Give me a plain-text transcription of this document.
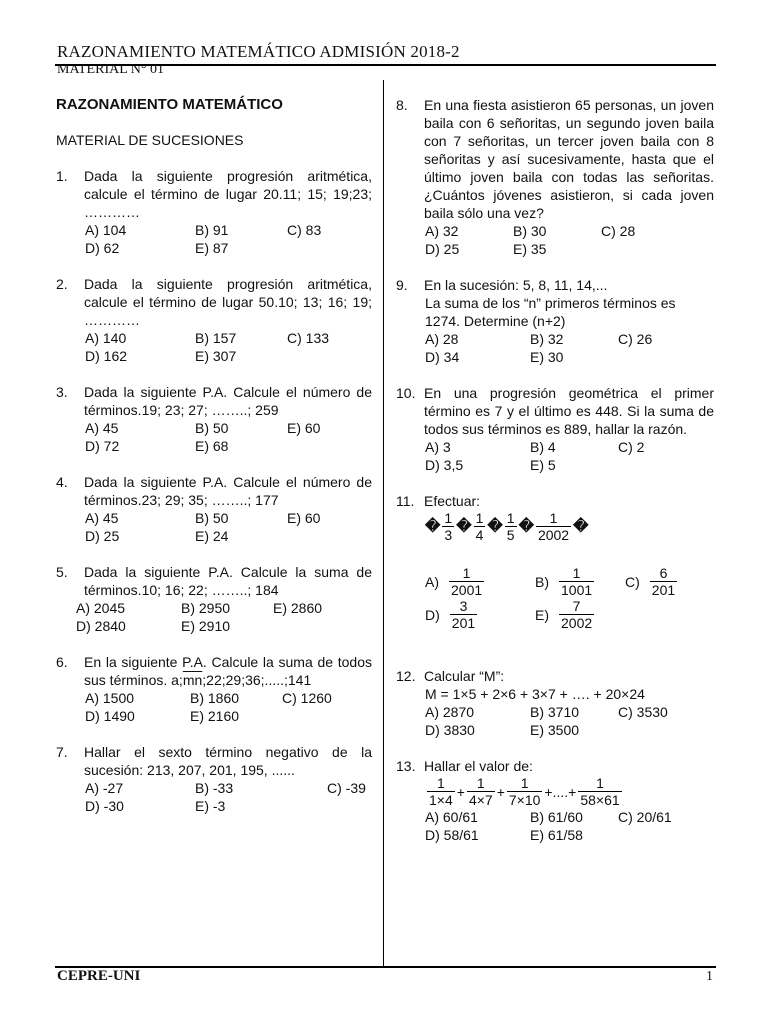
RAZONAMIENTO MATEMÁTICO ADMISIÓN 2018-2
MATERIAL N° 01
RAZONAMIENTO MATEMÁTICO
MATERIAL DE SUCESIONES
1.	Dada la siguiente progresión aritmética, calcule el término de lugar 20.11; 15; 19;23; …………
A) 104	B) 91	C) 83
D) 62	E) 87
2.	Dada la siguiente progresión aritmética, calcule el término de lugar 50.10; 13; 16; 19; …………
A) 140	B) 157	C) 133
D) 162	E) 307
3.	Dada la siguiente P.A. Calcule el número de términos.19; 23; 27; ……..; 259
A) 45	B) 50	E) 60
D) 72	E) 68
4.	Dada la siguiente P.A. Calcule el número de términos.23; 29; 35; ……..; 177
A) 45	B) 50	E) 60
D) 25	E) 24
5.	Dada la siguiente P.A. Calcule la suma de términos.10; 16; 22; ……..; 184
A) 2045	B) 2950	E) 2860
D) 2840	E) 2910
6.	En la siguiente P.A. Calcule la suma de todos sus términos. $a;\overline{mn};22;29;36;.....;141$
A) 1500	B) 1860	C) 1260
D) 1490	E) 2160
7.	Hallar el sexto término negativo de la sucesión: 213, 207, 201, 195, ......
A) -27	B) -33	C) -39
D) -30	E) -3
8.	En una fiesta asistieron 65 personas, un joven baila con 6 señoritas, un segundo joven baila con 7 señoritas, un tercer joven baila con 8 señoritas y así sucesivamente, hasta que el último joven baila con todas las señoritas. ¿Cuántos jóvenes asistieron, si cada joven baila sólo una vez?
A) 32	B) 30	C) 28
D) 25	E) 35
9.	En la sucesión: 5, 8, 11, 14,...
La suma de los “n” primeros términos es 1274. Determine (n+2)
A) 28	B) 32	C) 26
D) 34	E) 30
10. En una progresión geométrica el primer término es 7 y el último es 448. Si la suma de todos sus términos es 889, hallar la razón.
A) 3	B) 4	C) 2
D) 3,5	E) 5
11. Efectuar:
� $\frac{1}{3}$ � $\frac{1}{4}$ � $\frac{1}{5}$ � $\frac{1}{2002}$ �
$A) \frac{1}{2001}$	$B) \frac{1}{1001} C) \frac{6}{201}$
$D) \frac{3}{201}$	$E) \frac{7}{2002}$
12. Calcular “M”:
M = 1×5 + 2×6 + 3×7 + …. + 20×24
A) 2870	B) 3710	C) 3530
D) 3830	E) 3500
13. Hallar el valor de:
$\frac{1}{1\times 4} + \frac{1}{4\times 7} + \frac{1}{7\times 10}$ + .... + $\frac{1}{58\times 61}$
A) 60/61	B) 61/60	C) 20/61
D) 58/61	E) 61/58
CEPRE-UNI	1
